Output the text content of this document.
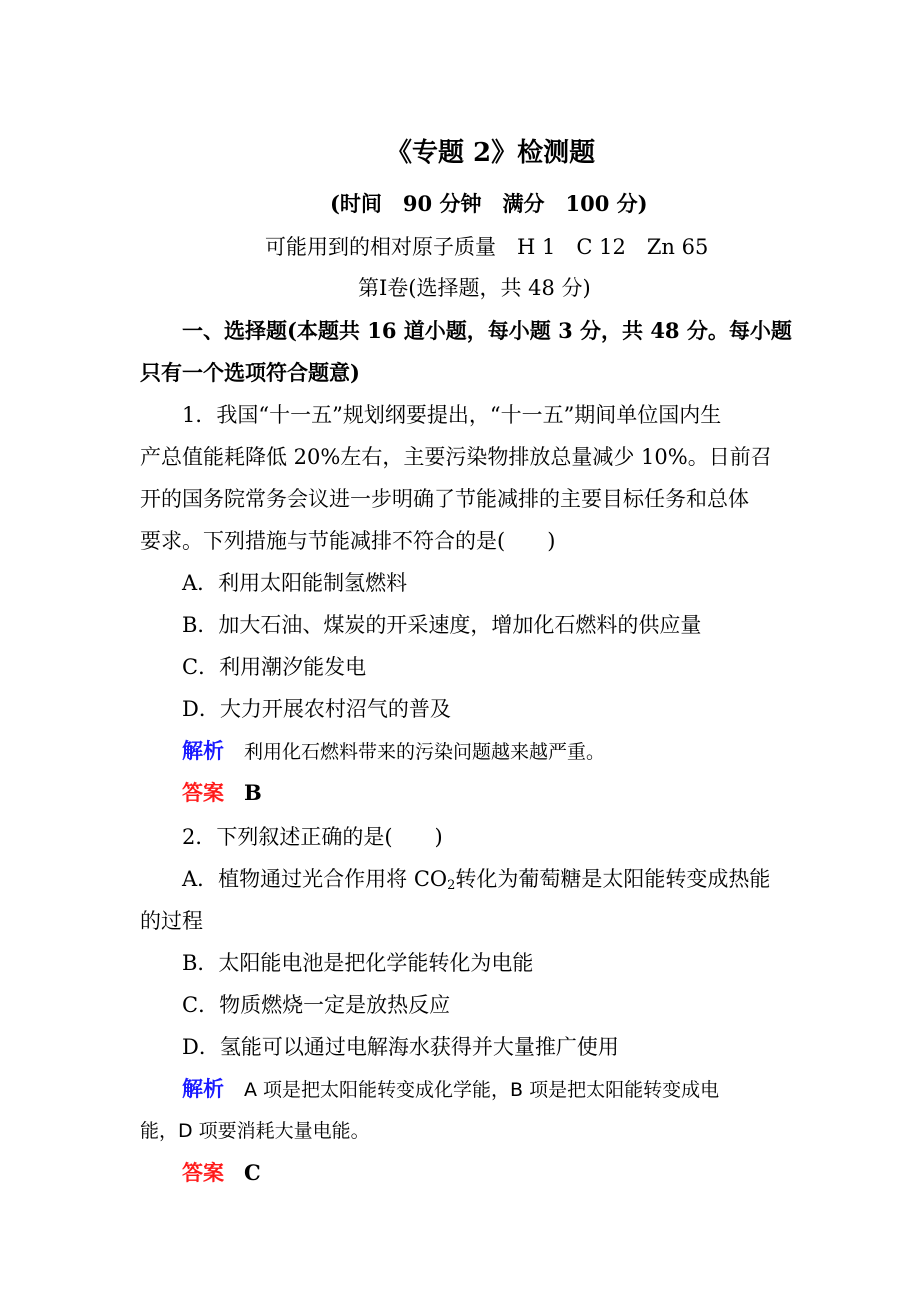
《专题 2》检测题
(时间　90 分钟　满分　100 分)
可能用到的相对原子质量　H 1　C 12　Zn 65
第Ⅰ卷(选择题，共 48 分)
一、选择题(本题共 16 道小题，每小题 3 分，共 48 分。每小题
只有一个选项符合题意)
1．我国“十一五”规划纲要提出，“十一五”期间单位国内生
产总值能耗降低 20%左右，主要污染物排放总量减少 10%。日前召
开的国务院常务会议进一步明确了节能减排的主要目标任务和总体
要求。下列措施与节能减排不符合的是(　　)
A．利用太阳能制氢燃料
B．加大石油、煤炭的开采速度，增加化石燃料的供应量
C．利用潮汐能发电
D．大力开展农村沼气的普及
解析 利用化石燃料带来的污染问题越来越严重。
答案 B
2．下列叙述正确的是(　　)
A．植物通过光合作用将 $CO_2$转化为葡萄糖是太阳能转变成热能
的过程
B．太阳能电池是把化学能转化为电能
C．物质燃烧一定是放热反应
D．氢能可以通过电解海水获得并大量推广使用
解析 A 项是把太阳能转变成化学能，B 项是把太阳能转变成电
能，D 项要消耗大量电能。
答案 C
